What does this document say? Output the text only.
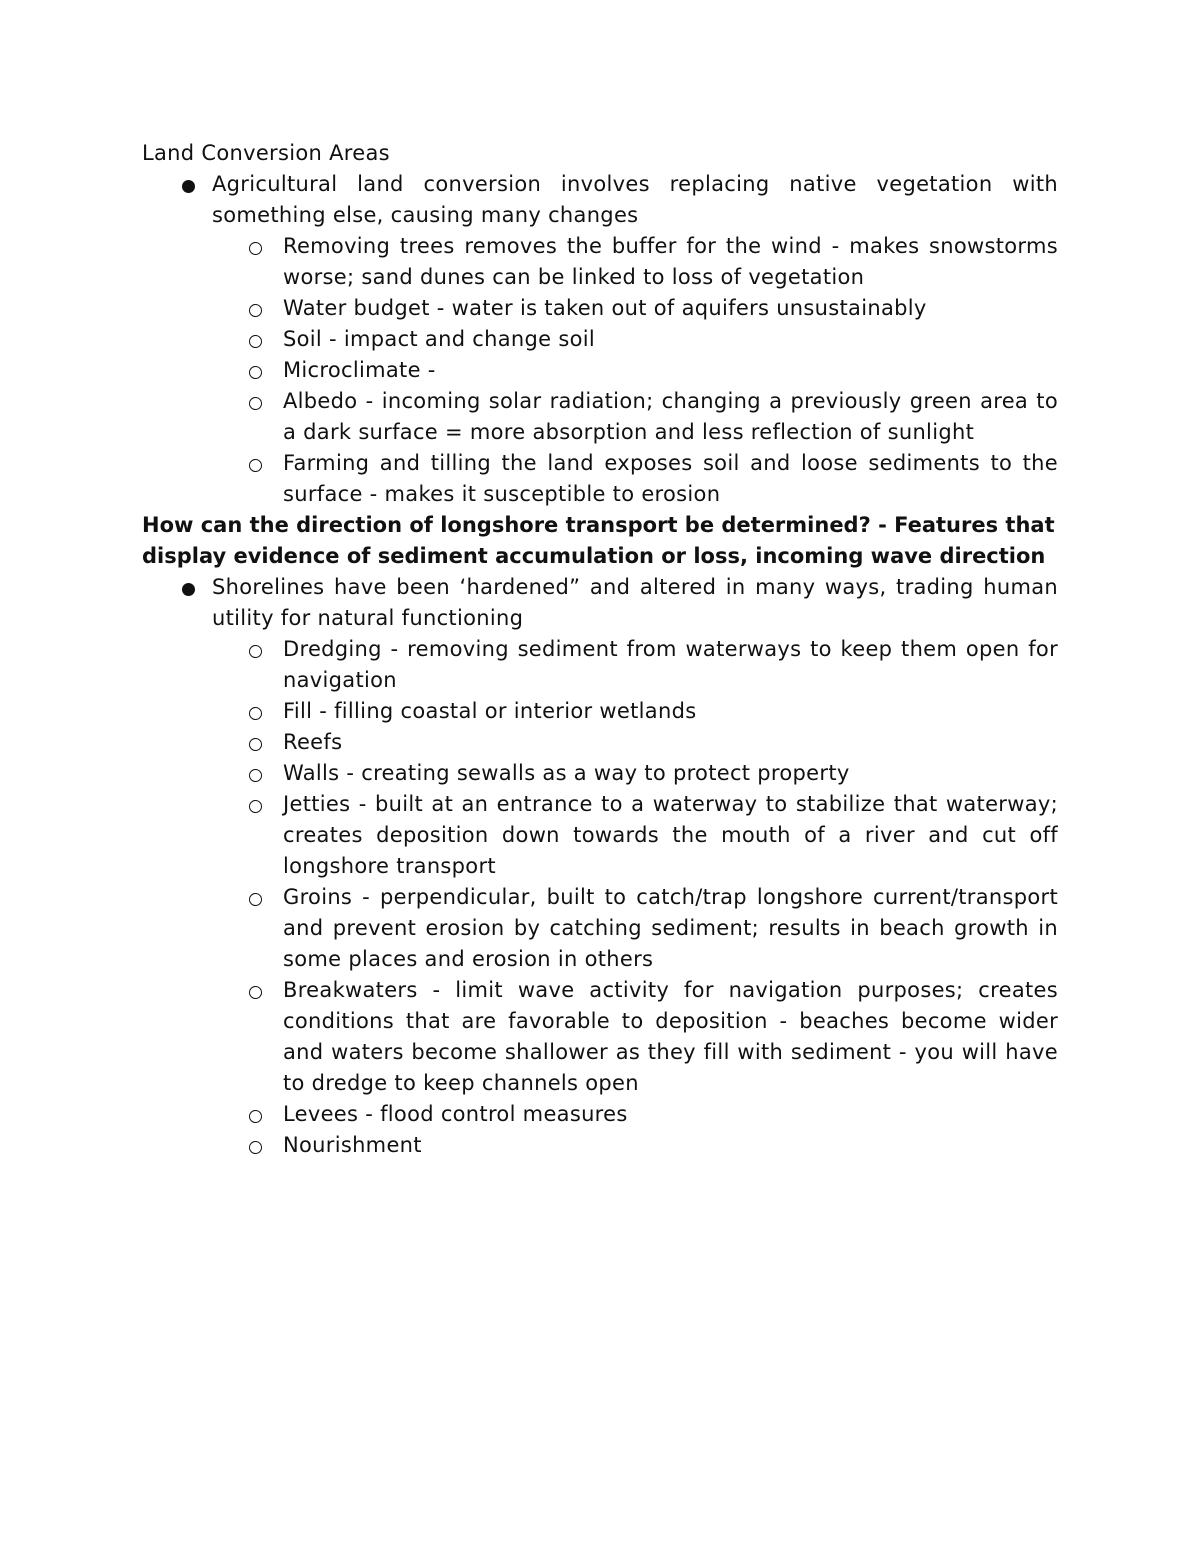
Land Conversion Areas

Agricultural land conversion involves replacing native vegetation with something else, causing many changes
Removing trees removes the buffer for the wind - makes snowstorms worse; sand dunes can be linked to loss of vegetation
Water budget - water is taken out of aquifers unsustainably
Soil - impact and change soil
Microclimate -
Albedo - incoming solar radiation; changing a previously green area to a dark surface = more absorption and less reflection of sunlight
Farming and tilling the land exposes soil and loose sediments to the surface - makes it susceptible to erosion

How can the direction of longshore transport be determined? - Features that display evidence of sediment accumulation or loss, incoming wave direction

Shorelines have been ‘hardened” and altered in many ways, trading human utility for natural functioning
Dredging - removing sediment from waterways to keep them open for navigation
Fill - filling coastal or interior wetlands
Reefs
Walls - creating sewalls as a way to protect property
Jetties - built at an entrance to a waterway to stabilize that waterway; creates deposition down towards the mouth of a river and cut off longshore transport
Groins - perpendicular, built to catch/trap longshore current/transport and prevent erosion by catching sediment; results in beach growth in some places and erosion in others
Breakwaters - limit wave activity for navigation purposes; creates conditions that are favorable to deposition - beaches become wider and waters become shallower as they fill with sediment - you will have to dredge to keep channels open
Levees - flood control measures
Nourishment
